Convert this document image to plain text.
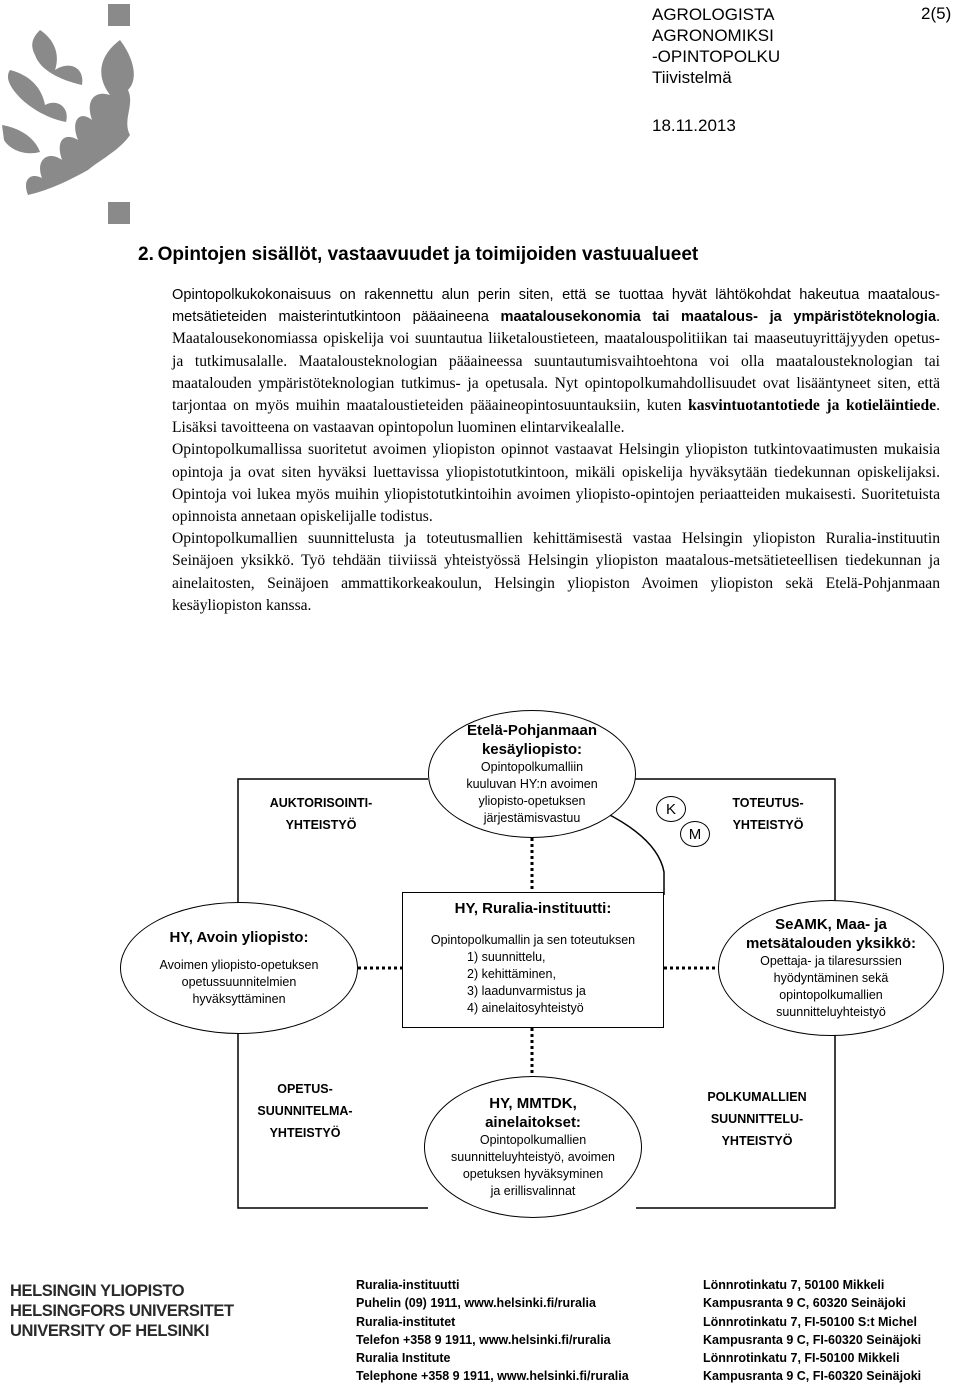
AGROLOGISTA
AGRONOMIKSI
-OPINTOPOLKU
Tiivistelmä
2(5)
18.11.2013
2. Opintojen sisällöt, vastaavuudet ja toimijoiden vastuualueet

Opintopolkukokonaisuus on rakennettu alun perin siten, että se tuottaa hyvät lähtökohdat hakeutua maatalous-metsätieteiden maisterintutkintoon pääaineena maatalousekonomia tai maatalous- ja ympäristöteknologia. Maatalousekonomiassa opiskelija voi suuntautua liiketaloustieteen, maatalouspolitiikan tai maaseutuyrittäjyyden opetus- ja tutkimusalalle. Maatalousteknologian pääaineessa suuntautumisvaihtoehtona voi olla maatalousteknologian tai maatalouden ympäristöteknologian tutkimus- ja opetusala. Nyt opintopolkumahdollisuudet ovat lisääntyneet siten, että tarjontaa on myös muihin maataloustieteiden pääaineopintosuuntauksiin, kuten kasvintuotantotiede ja kotieläintiede. Lisäksi tavoitteena on vastaavan opintopolun luominen elintarvikealalle.

Opintopolkumallissa suoritetut avoimen yliopiston opinnot vastaavat Helsingin yliopiston tutkintovaatimusten mukaisia opintoja ja ovat siten hyväksi luettavissa yliopistotutkintoon, mikäli opiskelija hyväksytään tiedekunnan opiskelijaksi. Opintoja voi lukea myös muihin yliopistotutkintoihin avoimen yliopisto-opintojen periaatteiden mukaisesti. Suoritetuista opinnoista annetaan opiskelijalle todistus.

Opintopolkumallien suunnittelusta ja toteutusmallien kehittämisestä vastaa Helsingin yliopiston Ruralia-instituutin Seinäjoen yksikkö. Työ tehdään tiiviissä yhteistyössä Helsingin yliopiston maatalous-metsätieteellisen tiedekunnan ja ainelaitosten, Seinäjoen ammattikorkeakoulun, Helsingin yliopiston Avoimen yliopiston sekä Etelä-Pohjanmaan kesäyliopiston kanssa.

Etelä-Pohjanmaan
kesäyliopisto:
Opintopolkumalliin
kuuluvan HY:n avoimen
yliopisto-opetuksen
järjestämisvastuu
AUKTORISOINTI-
YHTEISTYÖ
TOTEUTUS-
YHTEISTYÖ
K
M
HY, Ruralia-instituutti:
Opintopolkumallin ja sen toteutuksen
1) suunnittelu,
2) kehittäminen,
3) laadunvarmistus ja
4) ainelaitosyhteistyö
HY, Avoin yliopisto:
Avoimen yliopisto-opetuksen
opetussuunnitelmien
hyväksyttäminen
SeAMK, Maa- ja
metsätalouden yksikkö:
Opettaja- ja tilaresurssien
hyödyntäminen sekä
opintopolkumallien
suunnitteluyhteistyö
OPETUS-
SUUNNITELMA-
YHTEISTYÖ
POLKUMALLIEN
SUUNNITTELU-
YHTEISTYÖ
HY, MMTDK,
ainelaitokset:
Opintopolkumallien
suunnitteluyhteistyö, avoimen
opetuksen hyväksyminen
ja erillisvalinnat
HELSINGIN YLIOPISTO
HELSINGFORS UNIVERSITET
UNIVERSITY OF HELSINKI
Ruralia-instituutti
Puhelin (09) 1911, www.helsinki.fi/ruralia
Ruralia-institutet
Telefon +358 9 1911, www.helsinki.fi/ruralia
Ruralia Institute
Telephone +358 9 1911, www.helsinki.fi/ruralia
Lönnrotinkatu 7, 50100 Mikkeli
Kampusranta 9 C, 60320 Seinäjoki
Lönnrotinkatu 7, FI-50100 S:t Michel
Kampusranta 9 C, FI-60320 Seinäjoki
Lönnrotinkatu 7, FI-50100 Mikkeli
Kampusranta 9 C, FI-60320 Seinäjoki
